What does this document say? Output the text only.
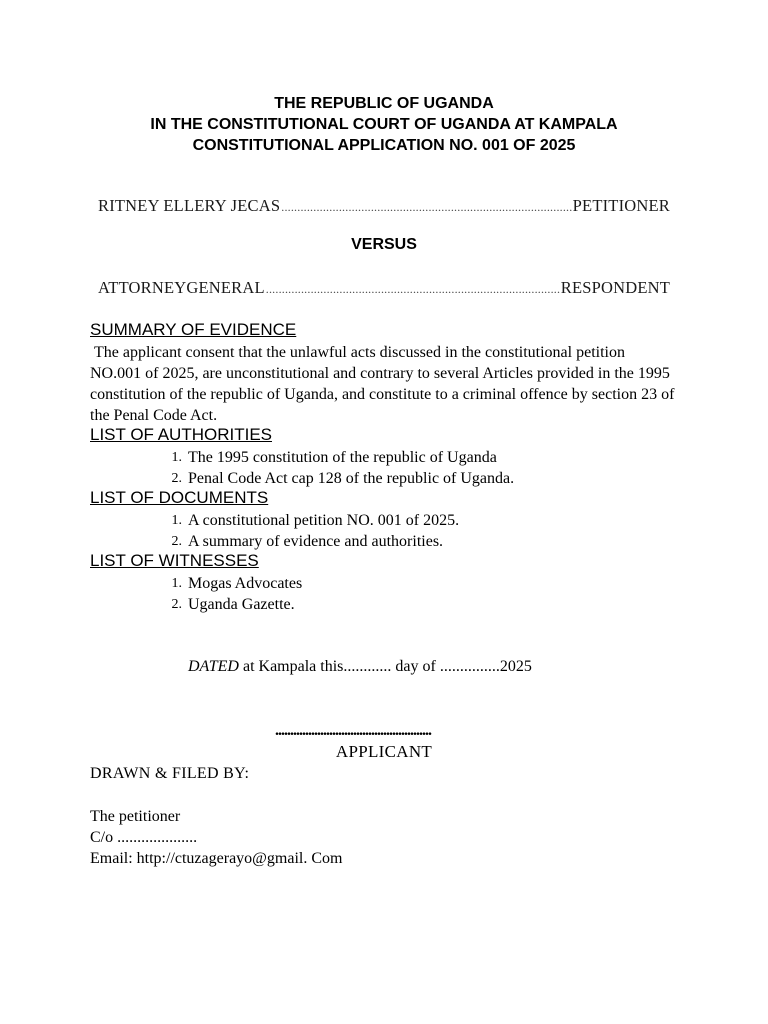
THE REPUBLIC OF UGANDA
IN THE CONSTITUTIONAL COURT OF UGANDA AT KAMPALA
CONSTITUTIONAL APPLICATION NO. 001 OF 2025
RITNEY ELLERY JECAS .....	PETITIONER
VERSUS
ATTORNEYGENERAL .....	RESPONDENT
SUMMARY OF EVIDENCE
The applicant consent that the unlawful acts discussed in the constitutional petition NO.001 of 2025, are unconstitutional and contrary to several Articles provided in the 1995 constitution of the republic of Uganda, and constitute to a criminal offence by section 23 of the Penal Code Act.
LIST OF AUTHORITIES
1. The 1995 constitution of the republic of Uganda
2. Penal Code Act cap 128 of the republic of Uganda.
LIST OF DOCUMENTS
1. A constitutional petition NO. 001 of 2025.
2. A summary of evidence and authorities.
LIST OF WITNESSES
1. Mogas Advocates
2. Uganda Gazette.
DATED at Kampala this............ day of ...............2025
....................................................
APPLICANT
DRAWN & FILED BY:
The petitioner
C/o ....................
Email: http://ctuzagerayo@gmail. Com
